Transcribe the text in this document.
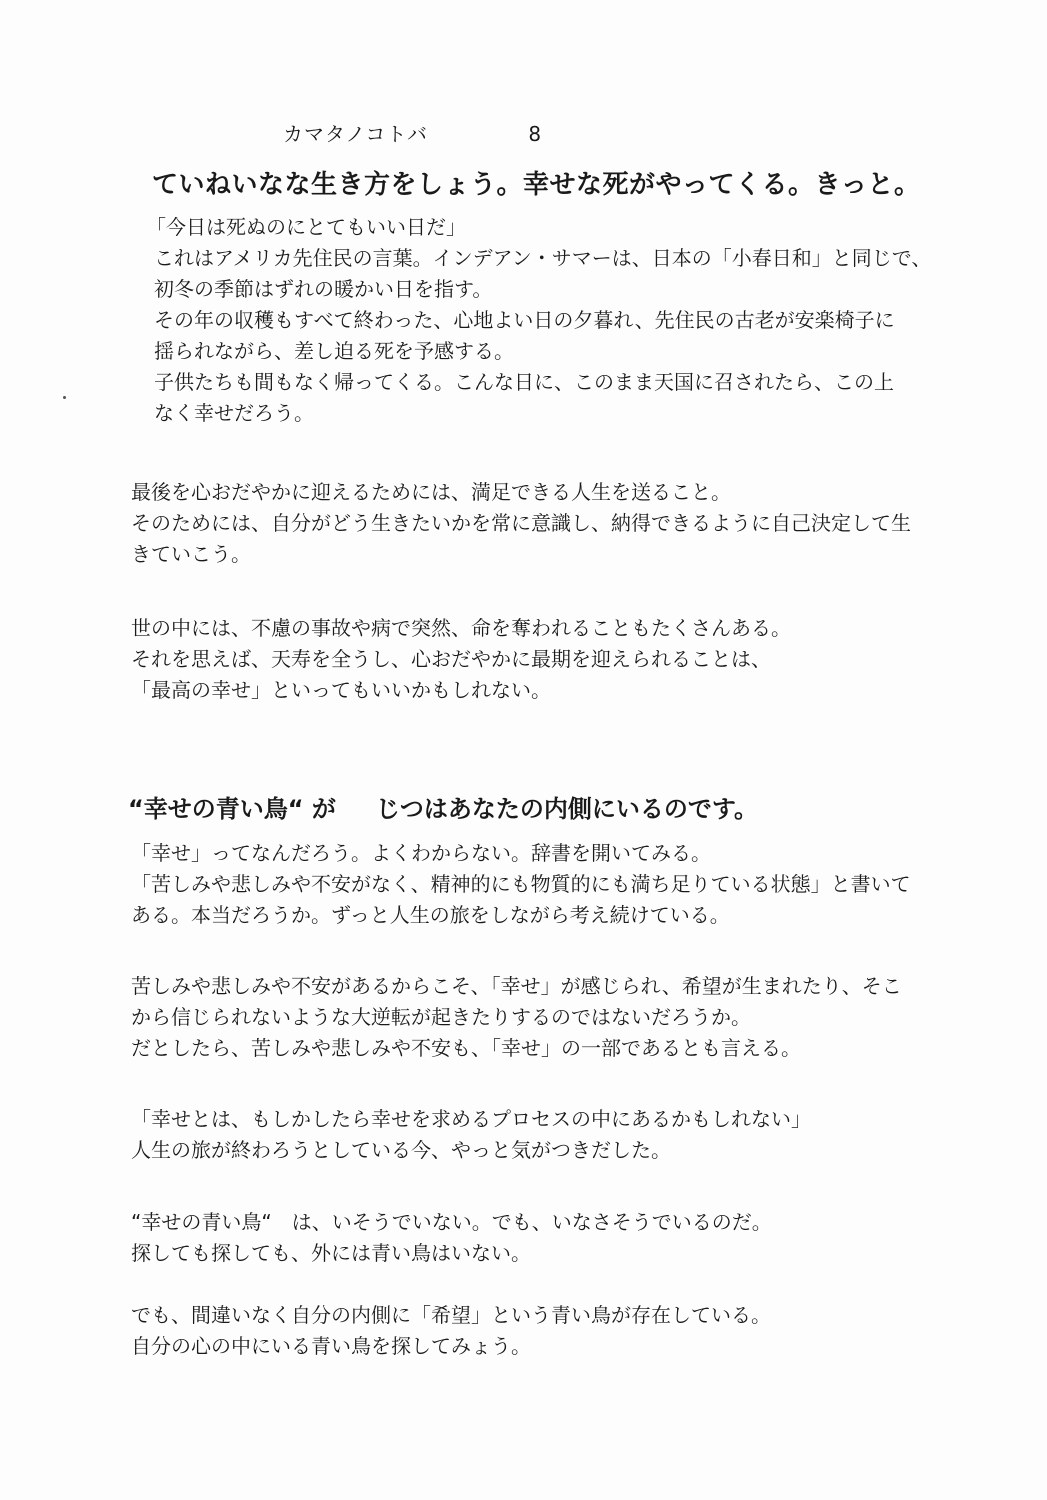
カマタノコトバ	8
ていねいなな生き方をしょう。幸せな死がやってくる。きっと。
「今日は死ぬのにとてもいい日だ」
これはアメリカ先住民の言葉。インデアン・サマーは、日本の「小春日和」と同じで、
初冬の季節はずれの暖かい日を指す。
その年の収穫もすべて終わった、心地よい日の夕暮れ、先住民の古老が安楽椅子に
揺られながら、差し迫る死を予感する。
子供たちも間もなく帰ってくる。こんな日に、このまま天国に召されたら、この上
なく幸せだろう。
最後を心おだやかに迎えるためには、満足できる人生を送ること。
そのためには、自分がどう生きたいかを常に意識し、納得できるように自己決定して生
きていこう。
世の中には、不慮の事故や病で突然、命を奪われることもたくさんある。
それを思えば、天寿を全うし、心おだやかに最期を迎えられることは、
「最高の幸せ」といってもいいかもしれない。
“幸せの青い鳥“ が じつはあなたの内側にいるのです。
「幸せ」ってなんだろう。よくわからない。辞書を開いてみる。
「苦しみや悲しみや不安がなく、精神的にも物質的にも満ち足りている状態」と書いて
ある。本当だろうか。ずっと人生の旅をしながら考え続けている。
苦しみや悲しみや不安があるからこそ、「幸せ」が感じられ、希望が生まれたり、そこ
から信じられないような大逆転が起きたりするのではないだろうか。
だとしたら、苦しみや悲しみや不安も、「幸せ」の一部であるとも言える。
「幸せとは、もしかしたら幸せを求めるプロセスの中にあるかもしれない」
人生の旅が終わろうとしている今、やっと気がつきだした。
“幸せの青い鳥“　は、いそうでいない。でも、いなさそうでいるのだ。
探しても探しても、外には青い鳥はいない。
でも、間違いなく自分の内側に「希望」という青い鳥が存在している。
自分の心の中にいる青い鳥を探してみょう。
